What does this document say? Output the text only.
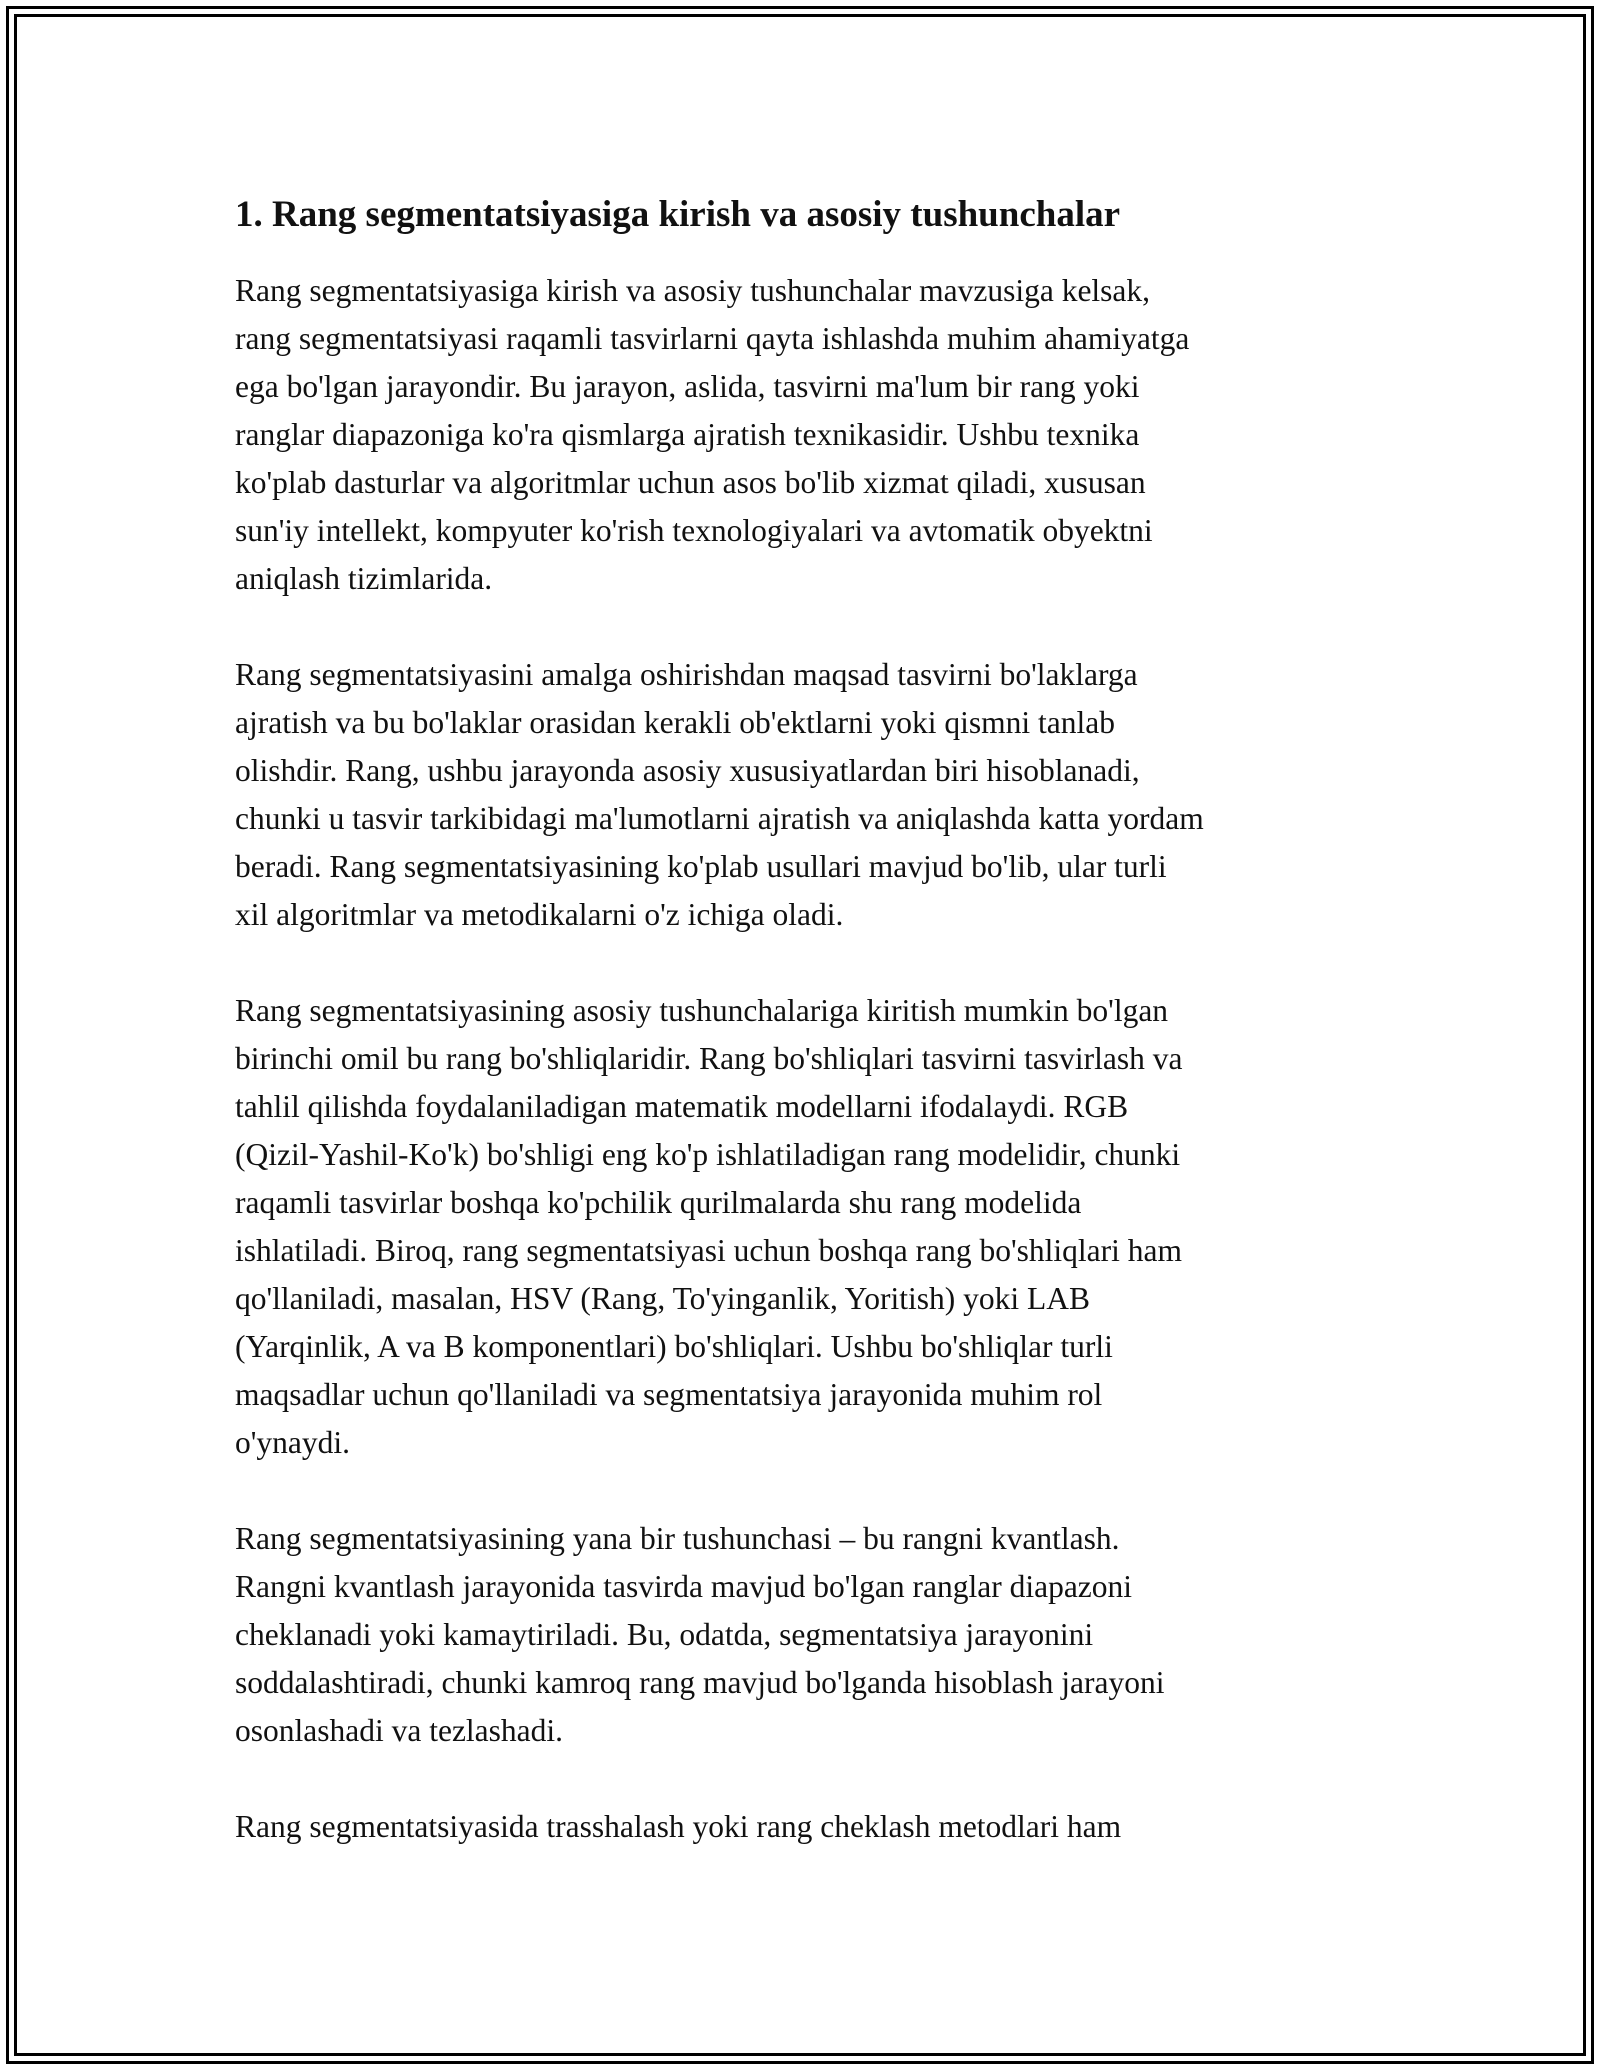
1. Rang segmentatsiyasiga kirish va asosiy tushunchalar

Rang segmentatsiyasiga kirish va asosiy tushunchalar mavzusiga kelsak,
rang segmentatsiyasi raqamli tasvirlarni qayta ishlashda muhim ahamiyatga
ega bo'lgan jarayondir. Bu jarayon, aslida, tasvirni ma'lum bir rang yoki
ranglar diapazoniga ko'ra qismlarga ajratish texnikasidir. Ushbu texnika
ko'plab dasturlar va algoritmlar uchun asos bo'lib xizmat qiladi, xususan
sun'iy intellekt, kompyuter ko'rish texnologiyalari va avtomatik obyektni
aniqlash tizimlarida.

Rang segmentatsiyasini amalga oshirishdan maqsad tasvirni bo'laklarga
ajratish va bu bo'laklar orasidan kerakli ob'ektlarni yoki qismni tanlab
olishdir. Rang, ushbu jarayonda asosiy xususiyatlardan biri hisoblanadi,
chunki u tasvir tarkibidagi ma'lumotlarni ajratish va aniqlashda katta yordam
beradi. Rang segmentatsiyasining ko'plab usullari mavjud bo'lib, ular turli
xil algoritmlar va metodikalarni o'z ichiga oladi.

Rang segmentatsiyasining asosiy tushunchalariga kiritish mumkin bo'lgan
birinchi omil bu rang bo'shliqlaridir. Rang bo'shliqlari tasvirni tasvirlash va
tahlil qilishda foydalaniladigan matematik modellarni ifodalaydi. RGB
(Qizil-Yashil-Ko'k) bo'shligi eng ko'p ishlatiladigan rang modelidir, chunki
raqamli tasvirlar boshqa ko'pchilik qurilmalarda shu rang modelida
ishlatiladi. Biroq, rang segmentatsiyasi uchun boshqa rang bo'shliqlari ham
qo'llaniladi, masalan, HSV (Rang, To'yinganlik, Yoritish) yoki LAB
(Yarqinlik, A va B komponentlari) bo'shliqlari. Ushbu bo'shliqlar turli
maqsadlar uchun qo'llaniladi va segmentatsiya jarayonida muhim rol
o'ynaydi.

Rang segmentatsiyasining yana bir tushunchasi – bu rangni kvantlash.
Rangni kvantlash jarayonida tasvirda mavjud bo'lgan ranglar diapazoni
cheklanadi yoki kamaytiriladi. Bu, odatda, segmentatsiya jarayonini
soddalashtiradi, chunki kamroq rang mavjud bo'lganda hisoblash jarayoni
osonlashadi va tezlashadi.

Rang segmentatsiyasida trasshalash yoki rang cheklash metodlari ham
